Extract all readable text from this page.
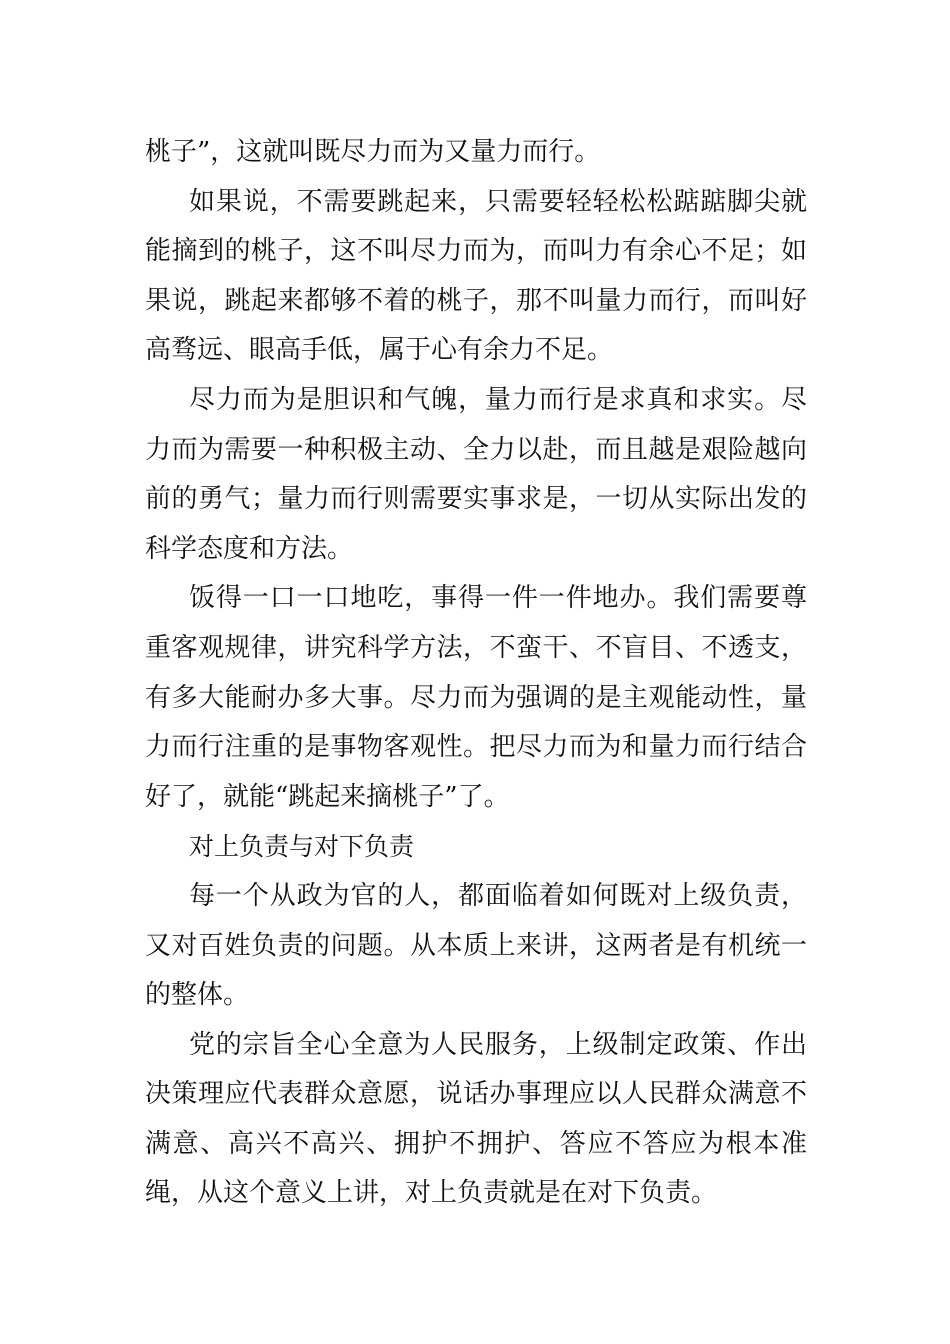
桃子”，这就叫既尽力而为又量力而行。

如果说，不需要跳起来，只需要轻轻松松踮踮脚尖就能摘到的桃子，这不叫尽力而为，而叫力有余心不足；如果说，跳起来都够不着的桃子，那不叫量力而行，而叫好高骛远、眼高手低，属于心有余力不足。

尽力而为是胆识和气魄，量力而行是求真和求实。尽力而为需要一种积极主动、全力以赴，而且越是艰险越向前的勇气；量力而行则需要实事求是，一切从实际出发的科学态度和方法。

饭得一口一口地吃，事得一件一件地办。我们需要尊重客观规律，讲究科学方法，不蛮干、不盲目、不透支，有多大能耐办多大事。尽力而为强调的是主观能动性，量力而行注重的是事物客观性。把尽力而为和量力而行结合好了，就能“跳起来摘桃子”了。

对上负责与对下负责

每一个从政为官的人，都面临着如何既对上级负责，又对百姓负责的问题。从本质上来讲，这两者是有机统一的整体。

党的宗旨全心全意为人民服务，上级制定政策、作出决策理应代表群众意愿，说话办事理应以人民群众满意不满意、高兴不高兴、拥护不拥护、答应不答应为根本准绳，从这个意义上讲，对上负责就是在对下负责。
